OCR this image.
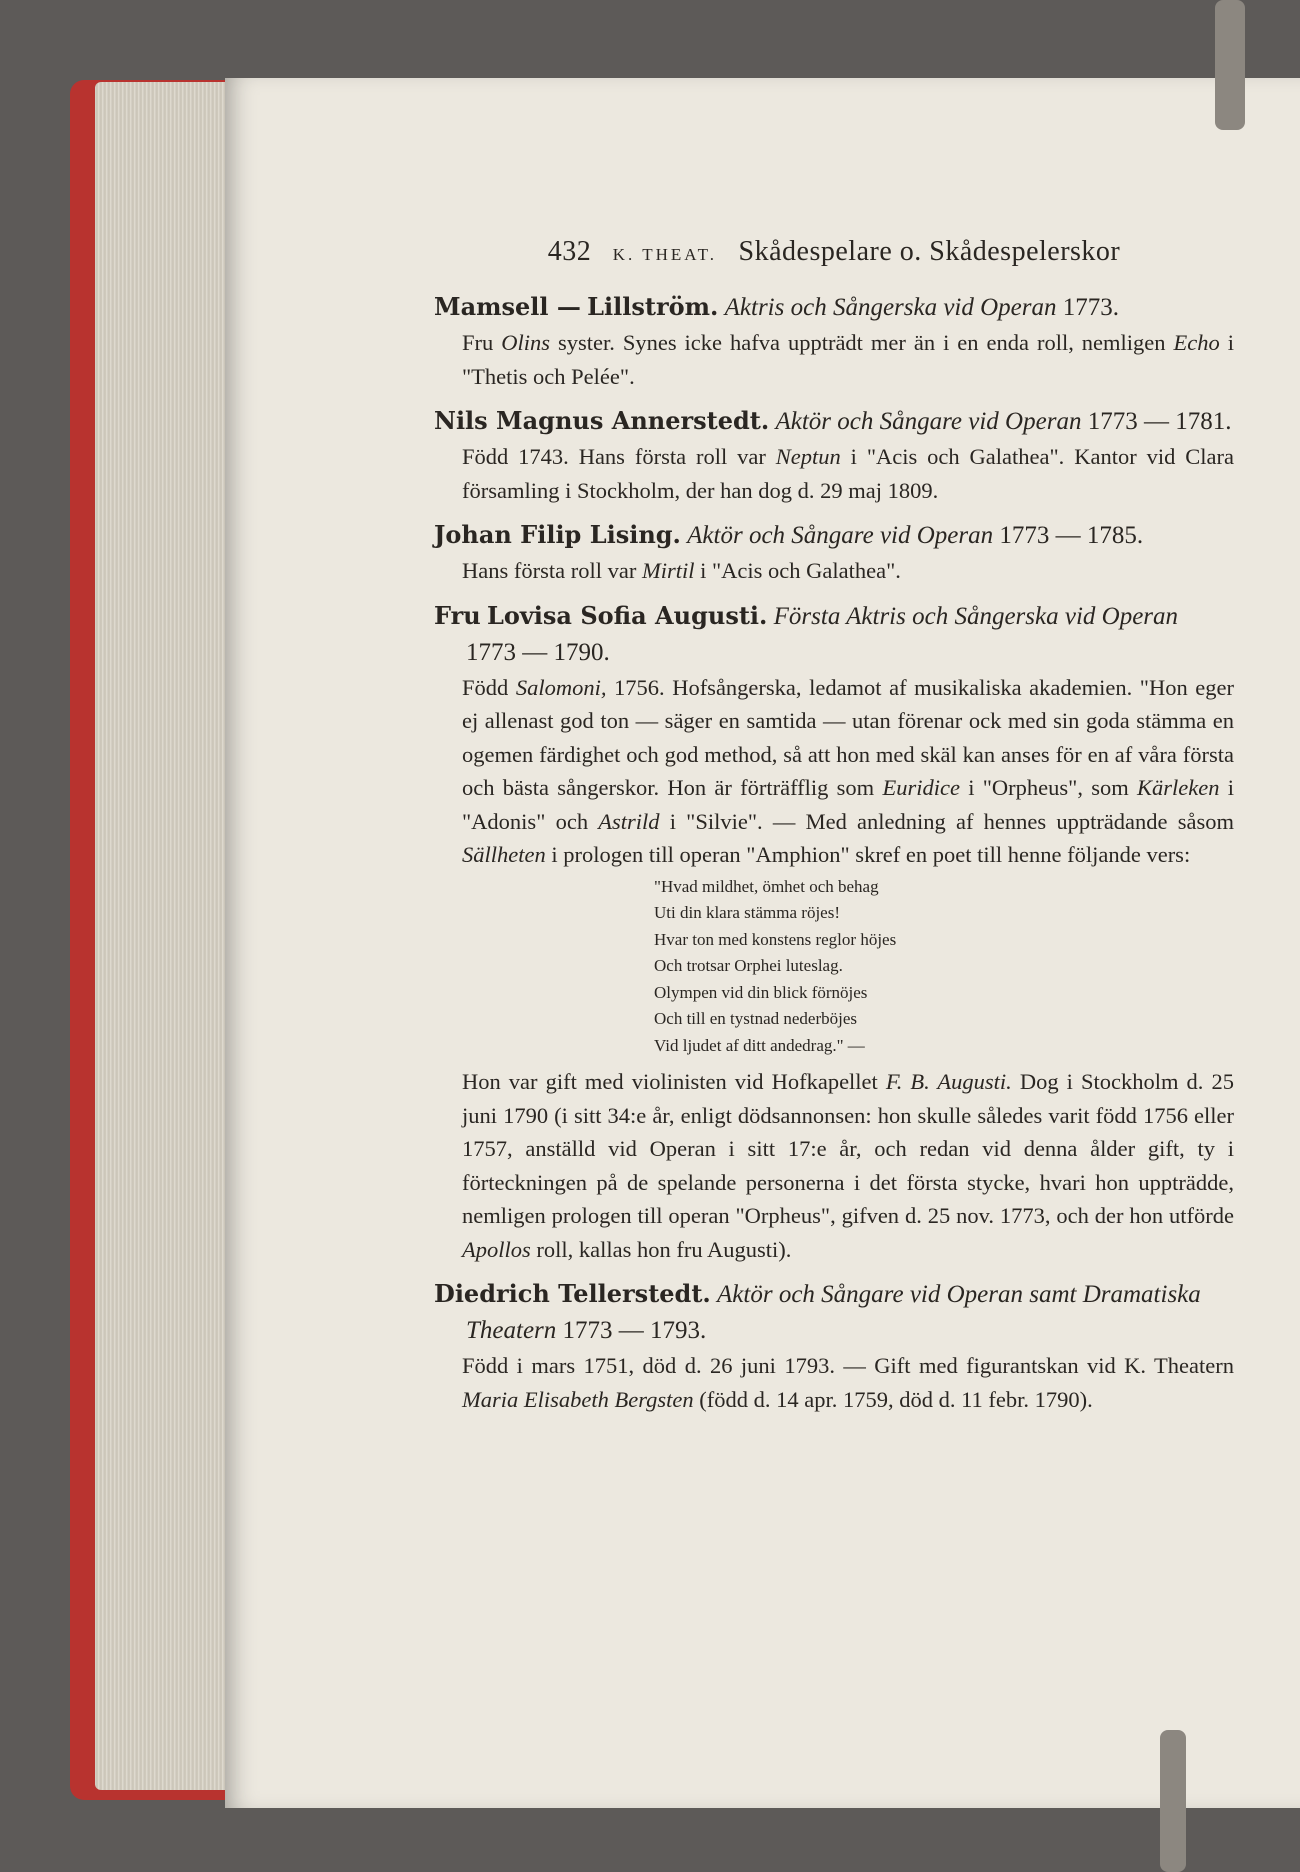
432 K. THEAT. Skådespelare o. Skådespelerskor
Mamsell — Lillström. Aktris och Sångerska vid Operan 1773.
Fru Olins syster. Synes icke hafva uppträdt mer än i en enda roll, nemligen Echo i "Thetis och Pelée".
Nils Magnus Annerstedt. Aktör och Sångare vid Operan 1773 — 1781.
Född 1743. Hans första roll var Neptun i "Acis och Galathea". Kantor vid Clara församling i Stockholm, der han dog d. 29 maj 1809.
Johan Filip Lising. Aktör och Sångare vid Operan 1773 — 1785.
Hans första roll var Mirtil i "Acis och Galathea".
Fru Lovisa Sofia Augusti. Första Aktris och Sångerska vid Operan 1773 — 1790.
Född Salomoni, 1756. Hofsångerska, ledamot af musikaliska akademien. "Hon eger ej allenast god ton — säger en samtida — utan förenar ock med sin goda stämma en ogemen färdighet och god method, så att hon med skäl kan anses för en af våra första och bästa sångerskor. Hon är förträfflig som Euridice i "Orpheus", som Kärleken i "Adonis" och Astrild i "Silvie". — Med anledning af hennes uppträdande såsom Sällheten i prologen till operan "Amphion" skref en poet till henne följande vers:
"Hvad mildhet, ömhet och behag
Uti din klara stämma röjes!
Hvar ton med konstens reglor höjes
Och trotsar Orphei luteslag.
Olympen vid din blick förnöjes
Och till en tystnad nederböjes
Vid ljudet af ditt andedrag." —
Hon var gift med violinisten vid Hofkapellet F. B. Augusti. Dog i Stockholm d. 25 juni 1790 (i sitt 34:e år, enligt dödsannonsen: hon skulle således varit född 1756 eller 1757, anställd vid Operan i sitt 17:e år, och redan vid denna ålder gift, ty i förteckningen på de spelande personerna i det första stycke, hvari hon uppträdde, nemligen prologen till operan "Orpheus", gifven d. 25 nov. 1773, och der hon utförde Apollos roll, kallas hon fru Augusti).
Diedrich Tellerstedt. Aktör och Sångare vid Operan samt Dramatiska Theatern 1773 — 1793.
Född i mars 1751, död d. 26 juni 1793. — Gift med figurantskan vid K. Theatern Maria Elisabeth Bergsten (född d. 14 apr. 1759, död d. 11 febr. 1790).
